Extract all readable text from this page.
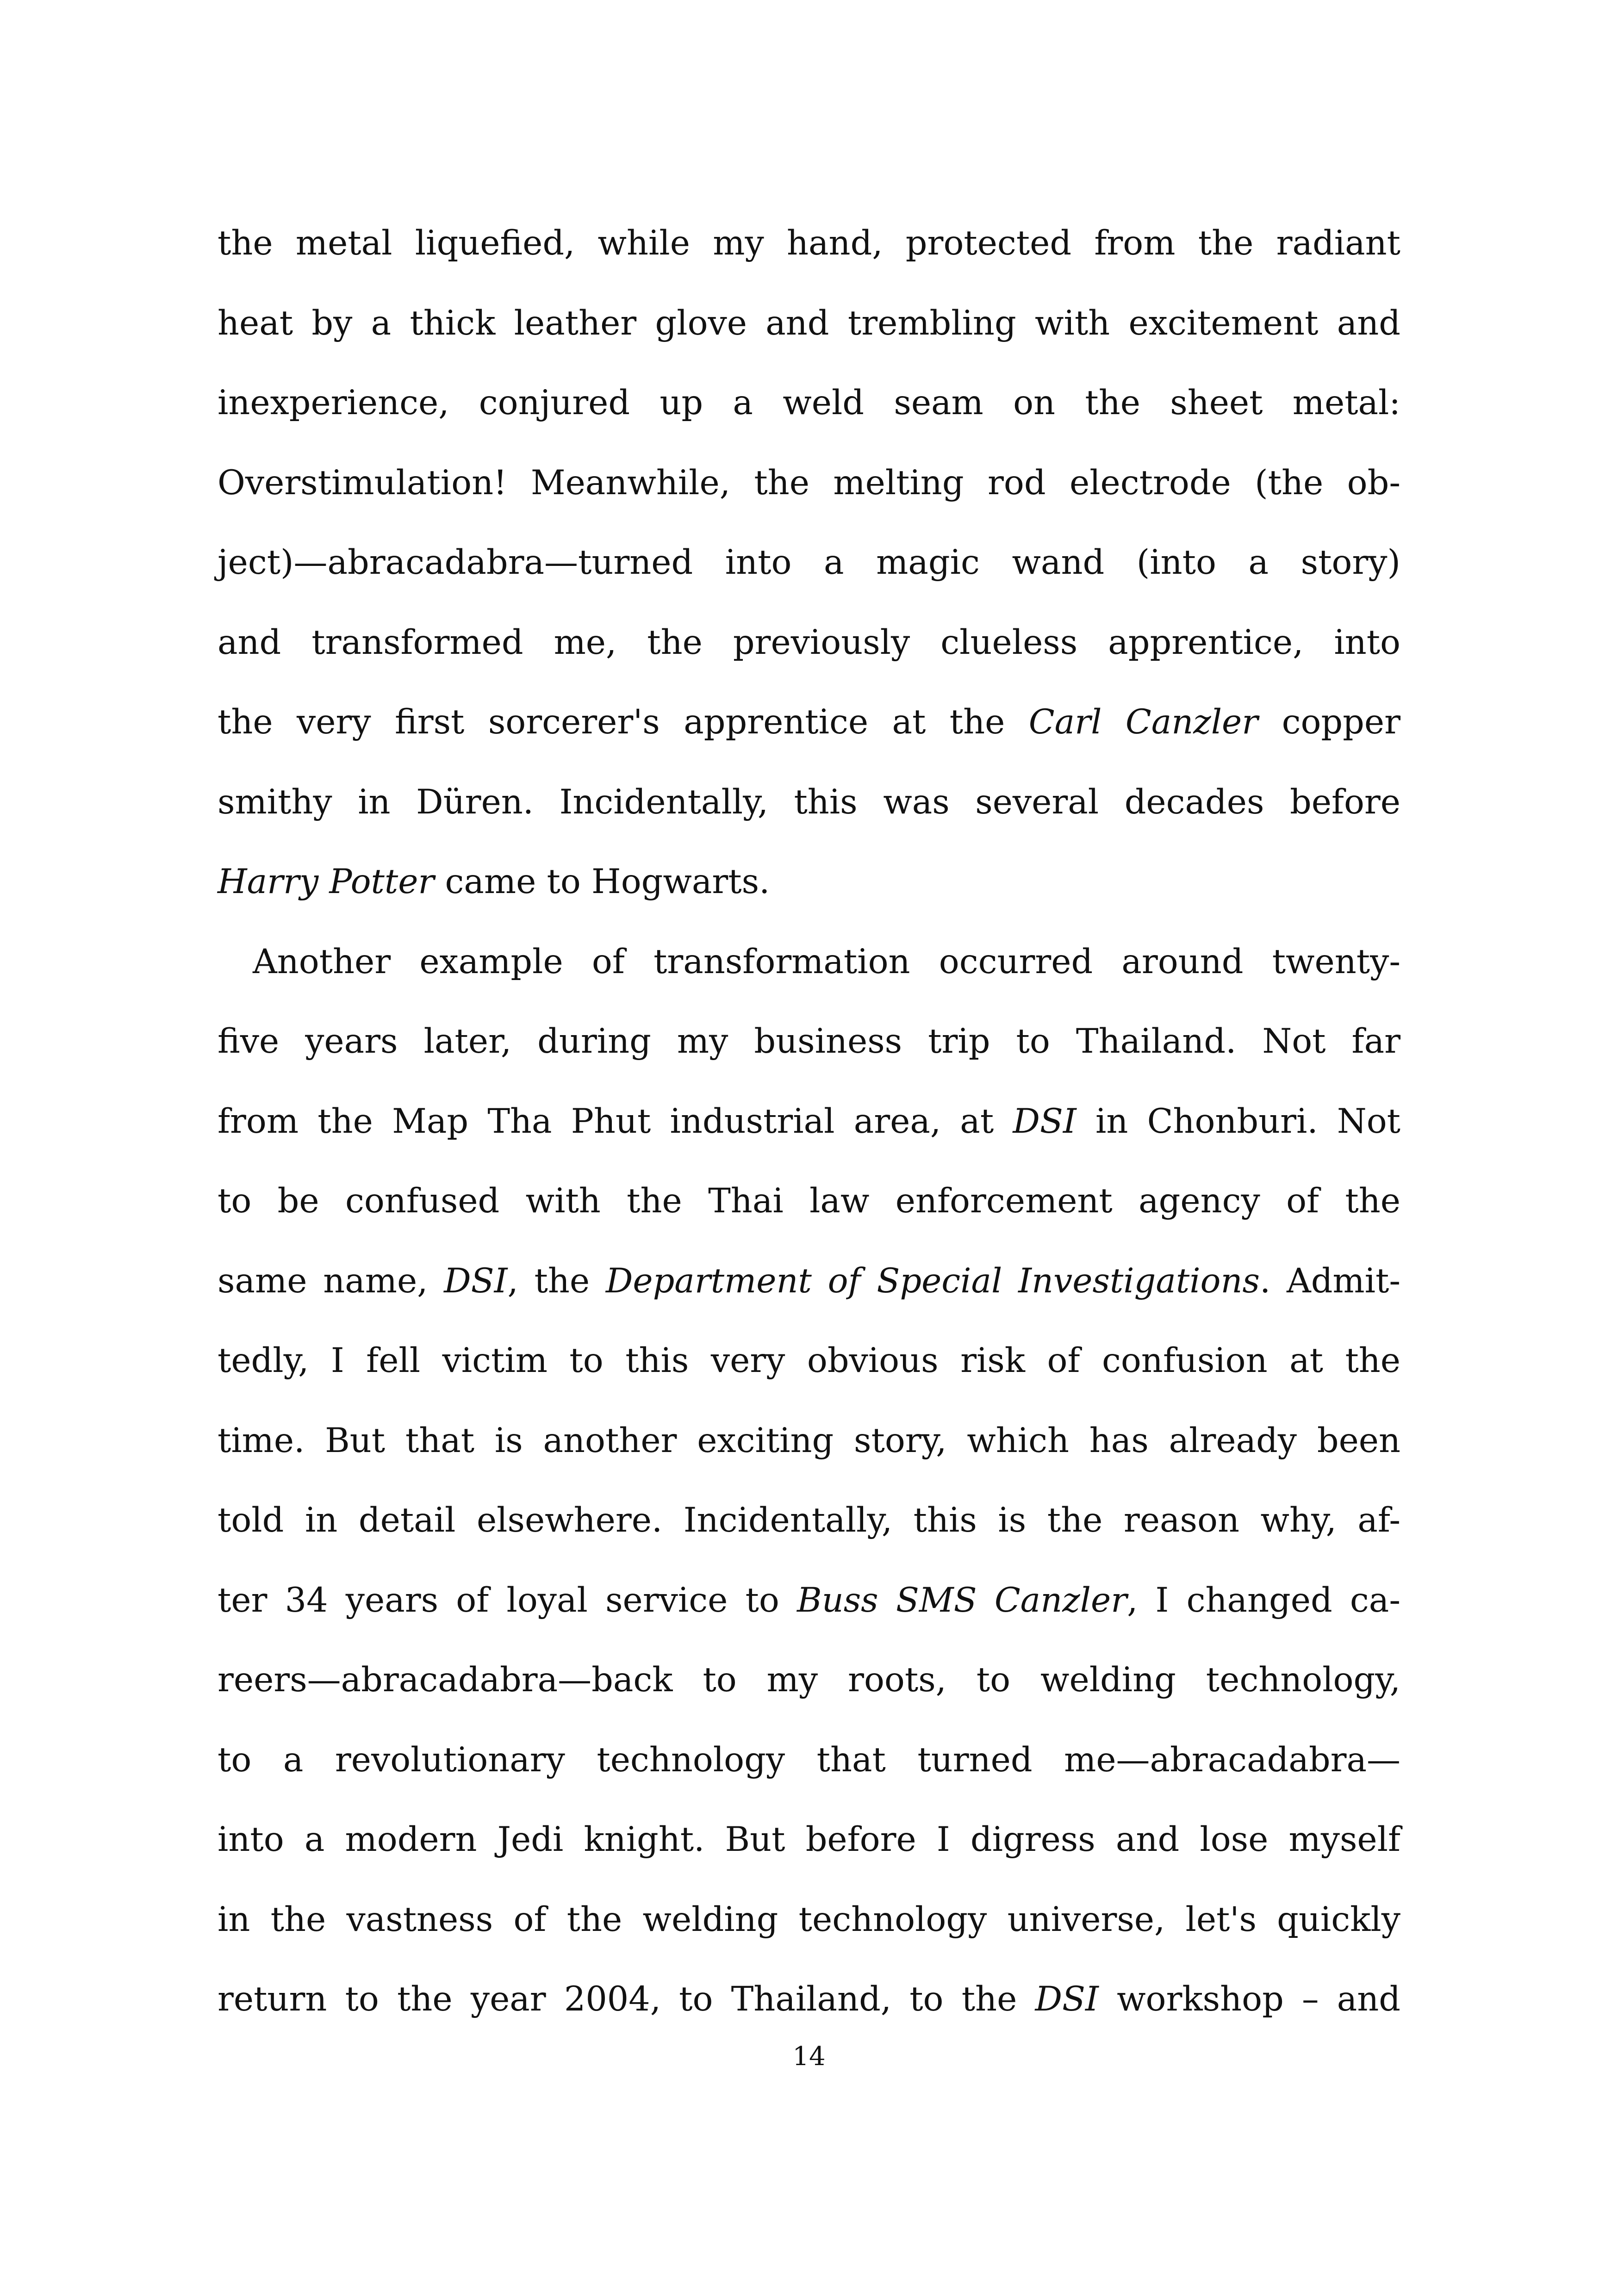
the metal liquefied, while my hand, protected from the radiant
heat by a thick leather glove and trembling with excitement and
inexperience, conjured up a weld seam on the sheet metal:
Overstimulation! Meanwhile, the melting rod electrode (the ob-
ject)—abracadabra—turned into a magic wand (into a story)
and transformed me, the previously clueless apprentice, into
the very first sorcerer's apprentice at the Carl Canzler copper
smithy in Düren. Incidentally, this was several decades before
Harry Potter came to Hogwarts.
Another example of transformation occurred around twenty-
five years later, during my business trip to Thailand. Not far
from the Map Tha Phut industrial area, at DSI in Chonburi. Not
to be confused with the Thai law enforcement agency of the
same name, DSI, the Department of Special Investigations. Admit-
tedly, I fell victim to this very obvious risk of confusion at the
time. But that is another exciting story, which has already been
told in detail elsewhere. Incidentally, this is the reason why, af-
ter 34 years of loyal service to Buss SMS Canzler, I changed ca-
reers—abracadabra—back to my roots, to welding technology,
to a revolutionary technology that turned me—abracadabra—
into a modern Jedi knight. But before I digress and lose myself
in the vastness of the welding technology universe, let's quickly
return to the year 2004, to Thailand, to the DSI workshop – and
14
